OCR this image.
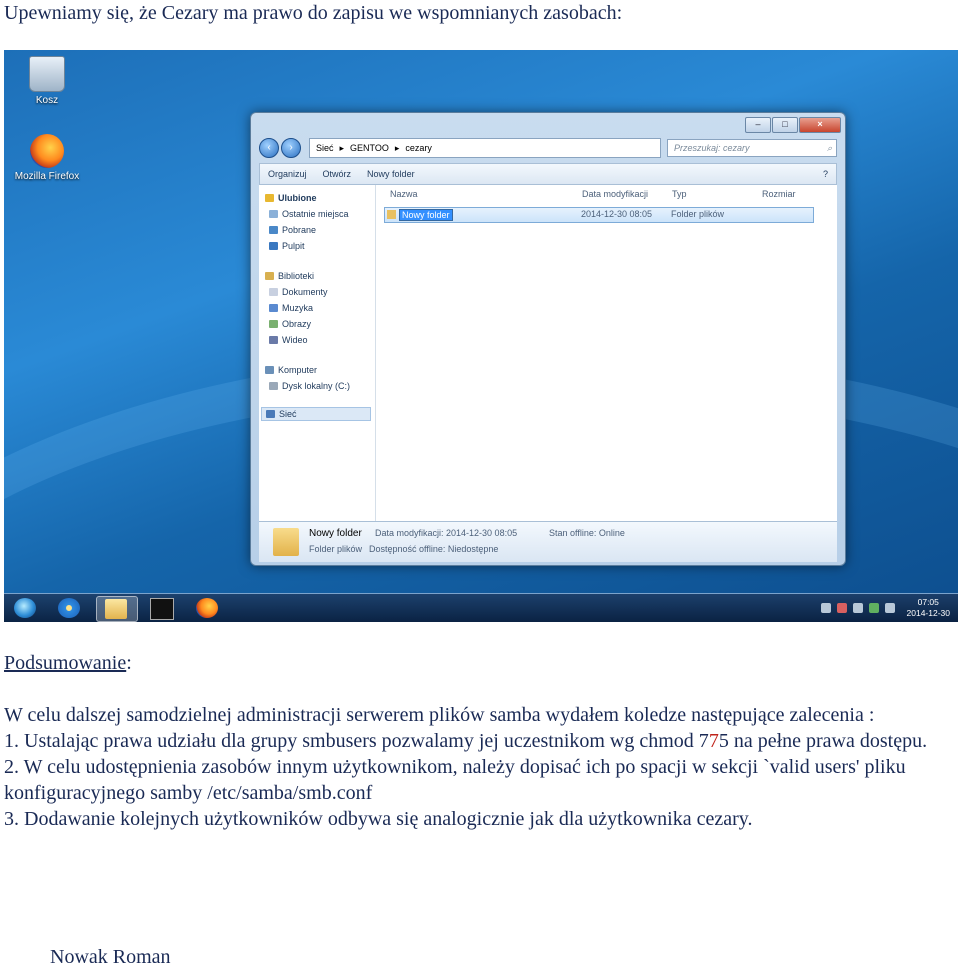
Upewniamy się, że Cezary ma prawo do zapisu we wspomnianych zasobach:
Kosz
Mozilla Firefox
–	□	×
‹	›	Sieć ▸ GENTOO ▸ cezary	Przeszukaj: cezary	⌕
Organizuj Otwórz Nowy folder	?
Ulubione
Ostatnie miejsca
Pobrane
Pulpit
Biblioteki
Dokumenty
Muzyka
Obrazy
Wideo
Komputer
Dysk lokalny (C:)
Sieć
Nazwa	Data modyfikacji	Typ	Rozmiar
Nowy folder	2014-12-30 08:05 Folder plików
Nowy folder
Folder plików
Data modyfikacji: 2014-12-30 08:05
Dostępność offline: Niedostępne
Stan offline: Online
07:05
2014-12-30

Podsumowanie:

W celu dalszej samodzielnej administracji serwerem plików samba wydałem koledze następujące zalecenia :

1. Ustalając prawa udziału dla grupy smbusers pozwalamy jej uczestnikom wg chmod 775 na pełne prawa dostępu.

2. W celu udostępnienia zasobów innym użytkownikom, należy dopisać ich po spacji w sekcji `valid users' pliku konfiguracyjnego samby /etc/samba/smb.conf

3. Dodawanie kolejnych użytkowników odbywa się analogicznie jak dla użytkownika cezary.

Nowak Roman
